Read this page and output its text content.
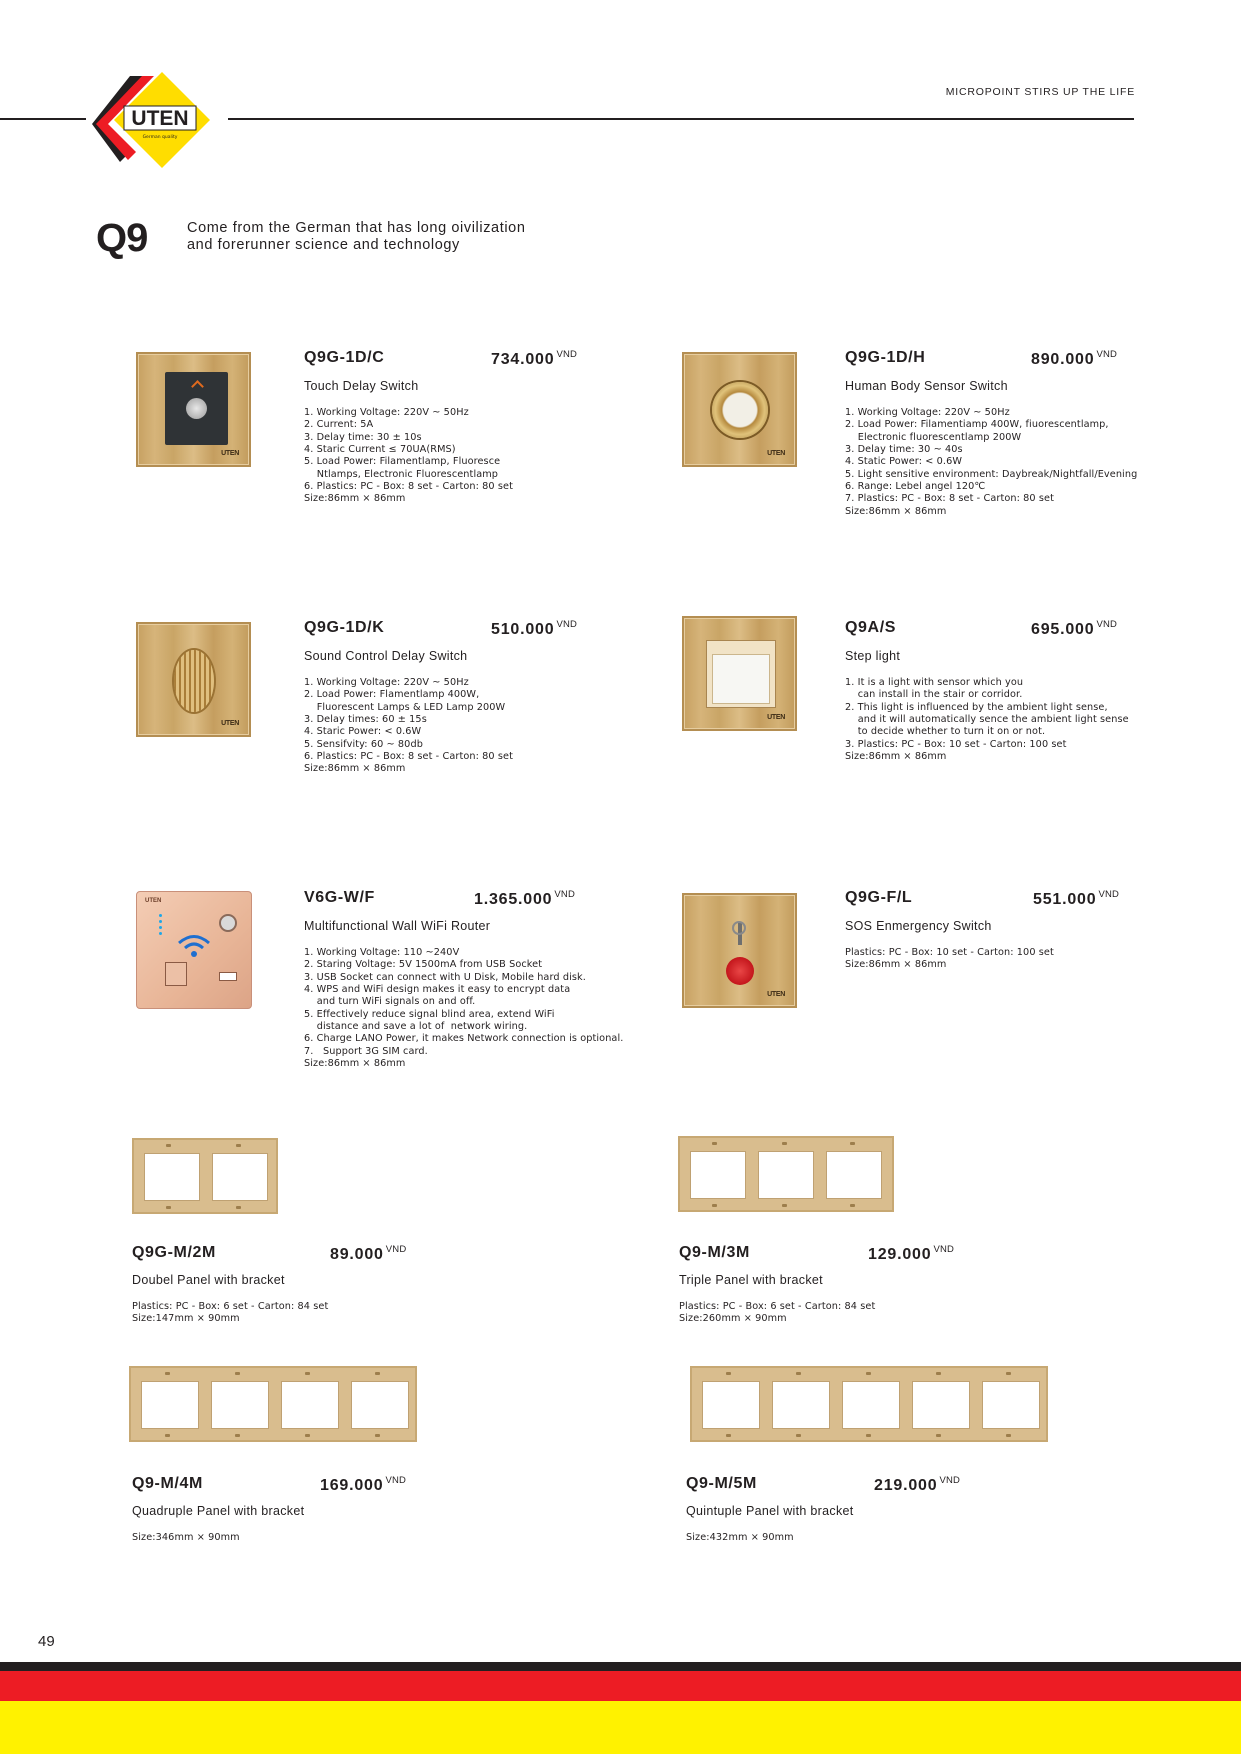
MICROPOINT STIRS UP THE LIFE
UTEN
German quality
Q9	Come from the German that has long oivilization
and forerunner science and technology
UTEN
Q9G-1D/C	734.000 $^{VND}$
Touch Delay Switch
1. Working Voltage: 220V ~ 50Hz
2. Current: 5A
3. Delay time: 30 ± 10s
4. Staric Current ≤ 70UA(RMS)
5. Load Power: Filamentlamp, Fluoresce
Ntlamps, Electronic Fluorescentlamp
6. Plastics: PC - Box: 8 set - Carton: 80 set
Size:86mm × 86mm
UTEN
Q9G-1D/H	890.000 $^{VND}$
Human Body Sensor Switch
1. Working Voltage: 220V ~ 50Hz
2. Load Power: Filamentiamp 400W, fiuorescentlamp,
Electronic fluorescentlamp 200W
3. Delay time: 30 ~ 40s
4. Static Power: < 0.6W
5. Light sensitive environment: Daybreak/Nightfall/Evening
6. Range: Lebel angel 120℃
7. Plastics: PC - Box: 8 set - Carton: 80 set
Size:86mm × 86mm
UTEN
Q9G-1D/K	510.000 $^{VND}$
Sound Control Delay Switch
1. Working Voltage: 220V ~ 50Hz
2. Load Power: Flamentlamp 400W,
Fluorescent Lamps & LED Lamp 200W
3. Delay times: 60 ± 15s
4. Staric Power: < 0.6W
5. Sensifvity: 60 ~ 80db
6. Plastics: PC - Box: 8 set - Carton: 80 set
Size:86mm × 86mm
UTEN
Q9A/S	695.000 $^{VND}$
Step light
1. It is a light with sensor which you
can install in the stair or corridor.
2. This light is influenced by the ambient light sense,
and it will automatically sence the ambient light sense
to decide whether to turn it on or not.
3. Plastics: PC - Box: 10 set - Carton: 100 set
Size:86mm × 86mm
UTEN	V6G-W/F	1.365.000 $^{VND}$
Multifunctional Wall WiFi Router
1. Working Voltage: 110 ~240V
2. Staring Voltage: 5V 1500mA from USB Socket
3. USB Socket can connect with U Disk, Mobile hard disk.
4. WPS and WiFi design makes it easy to encrypt data
and turn WiFi signals on and off.
5. Effectively reduce signal blind area, extend WiFi
distance and save a lot of  network wiring.
6. Charge LANO Power, it makes Network connection is optional.
7.   Support 3G SIM card.
Size:86mm × 86mm
UTEN
Q9G-F/L	551.000 $^{VND}$
SOS Enmergency Switch
Plastics: PC - Box: 10 set - Carton: 100 set
Size:86mm × 86mm
Q9G-M/2M	89.000 $^{VND}$
Doubel Panel with bracket
Plastics: PC - Box: 6 set - Carton: 84 set
Size:147mm × 90mm
Q9-M/3M	129.000 $^{VND}$
Triple Panel with bracket
Plastics: PC - Box: 6 set - Carton: 84 set
Size:260mm × 90mm
Q9-M/4M	169.000 $^{VND}$
Quadruple Panel with bracket
Size:346mm × 90mm
Q9-M/5M	219.000 $^{VND}$
Quintuple Panel with bracket
Size:432mm × 90mm
49
